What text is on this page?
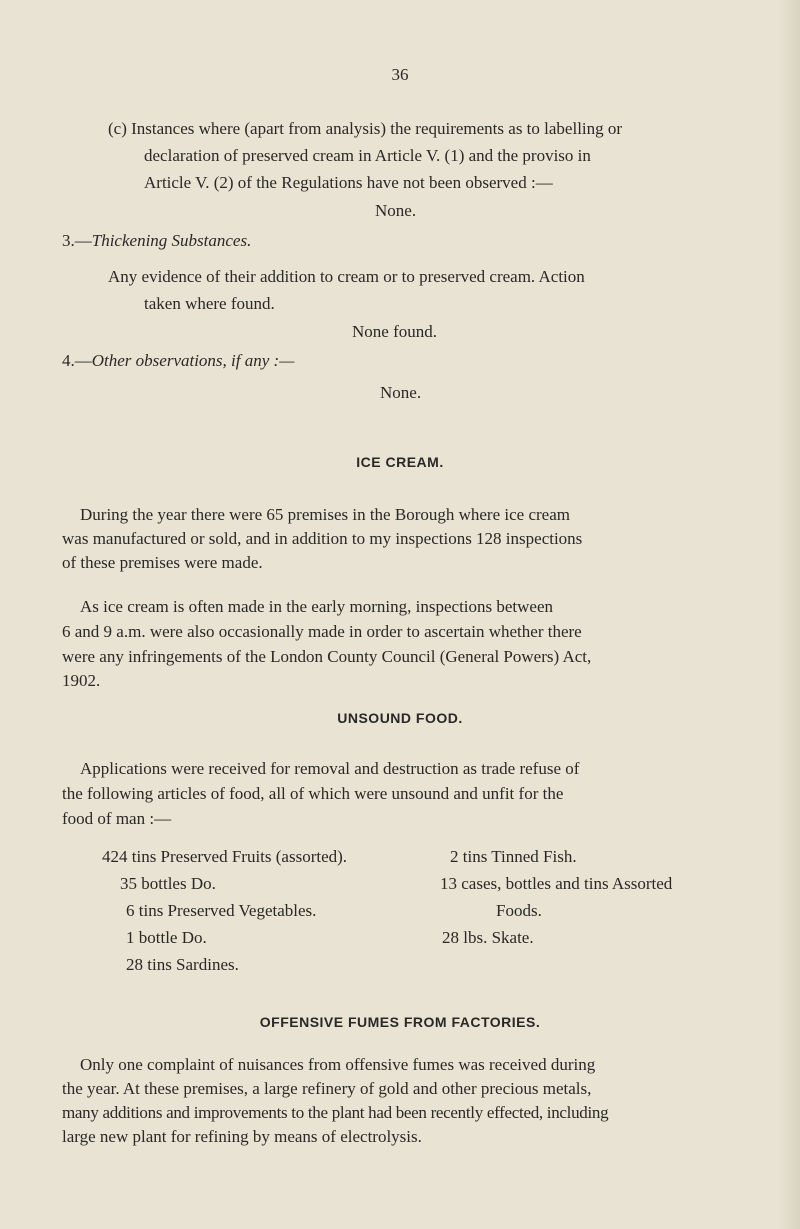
36
(c) Instances where (apart from analysis) the requirements as to labelling or
declaration of preserved cream in Article V. (1) and the proviso in
Article V. (2) of the Regulations have not been observed :—
None.
3.—Thickening Substances.
Any evidence of their addition to cream or to preserved cream. Action
taken where found.
None found.
4.—Other observations, if any :—
None.
ICE CREAM.
During the year there were 65 premises in the Borough where ice cream
was manufactured or sold, and in addition to my inspections 128 inspections
of these premises were made.
As ice cream is often made in the early morning, inspections between
6 and 9 a.m. were also occasionally made in order to ascertain whether there
were any infringements of the London County Council (General Powers) Act,
1902.
UNSOUND FOOD.
Applications were received for removal and destruction as trade refuse of
the following articles of food, all of which were unsound and unfit for the
food of man :—
424 tins Preserved Fruits (assorted).
35 bottles Do.
6 tins Preserved Vegetables.
1 bottle Do.
28 tins Sardines.
2 tins Tinned Fish.
13 cases, bottles and tins Assorted
Foods.
28 lbs. Skate.
OFFENSIVE FUMES FROM FACTORIES.
Only one complaint of nuisances from offensive fumes was received during
the year. At these premises, a large refinery of gold and other precious metals,
many additions and improvements to the plant had been recently effected, including
large new plant for refining by means of electrolysis.
